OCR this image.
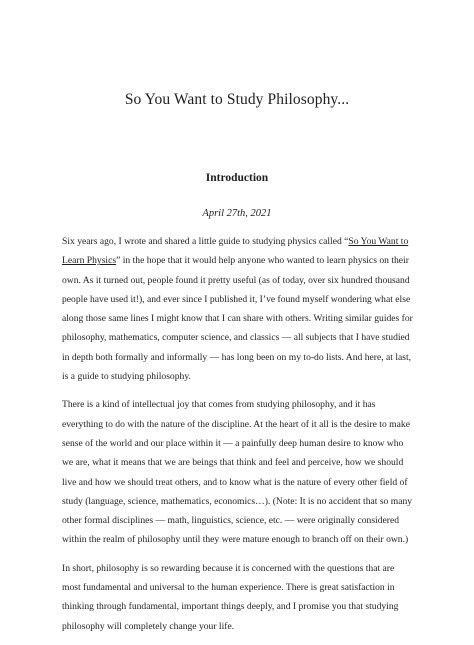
So You Want to Study Philosophy...
Introduction

April 27th, 2021

Six years ago, I wrote and shared a little guide to studying physics called “So You Want to Learn Physics” in the hope that it would help anyone who wanted to learn physics on their own. As it turned out, people found it pretty useful (as of today, over six hundred thousand people have used it!), and ever since I published it, I’ve found myself wondering what else along those same lines I might know that I can share with others. Writing similar guides for philosophy, mathematics, computer science, and classics — all subjects that I have studied in depth both formally and informally — has long been on my to-do lists. And here, at last, is a guide to studying philosophy.

There is a kind of intellectual joy that comes from studying philosophy, and it has everything to do with the nature of the discipline. At the heart of it all is the desire to make sense of the world and our place within it — a painfully deep human desire to know who we are, what it means that we are beings that think and feel and perceive, how we should live and how we should treat others, and to know what is the nature of every other field of study (language, science, mathematics, economics…). (Note: It is no accident that so many other formal disciplines — math, linguistics, science, etc. — were originally considered within the realm of philosophy until they were mature enough to branch off on their own.)

In short, philosophy is so rewarding because it is concerned with the questions that are most fundamental and universal to the human experience. There is great satisfaction in thinking through fundamental, important things deeply, and I promise you that studying philosophy will completely change your life.
